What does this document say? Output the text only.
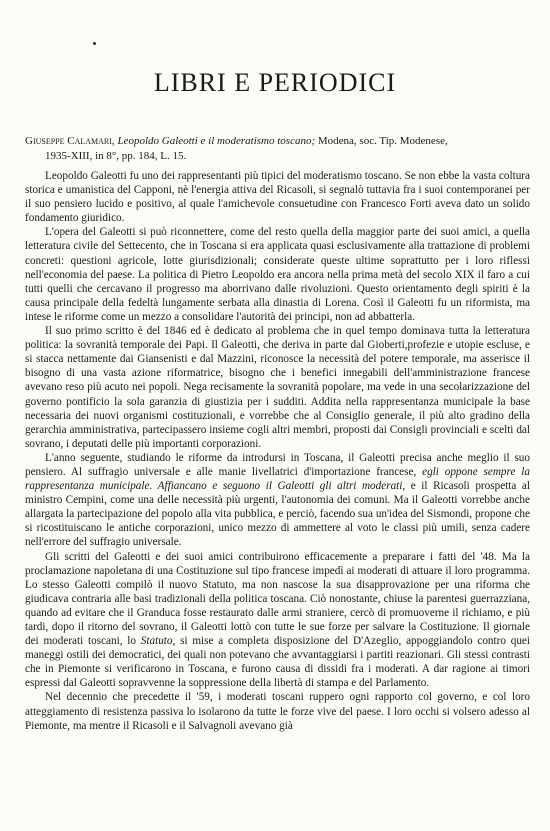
LIBRI E PERIODICI

Giuseppe Calamari, Leopoldo Galeotti e il moderatismo toscano; Modena, soc. Tip. Modenese,
1935-XIII, in 8°, pp. 184, L. 15.

Leopoldo Galeotti fu uno dei rappresentanti più tipici del moderatismo toscano. Se non ebbe la vasta coltura storica e umanistica del Capponi, nè l'energia attiva del Ricasoli, si segnalò tuttavia fra i suoi contemporanei per il suo pensiero lucido e positivo, al quale l'amichevole consuetudine con Francesco Forti aveva dato un solido fondamento giuridico.

L'opera del Galeotti si può riconnettere, come del resto quella della maggior parte dei suoi amici, a quella letteratura civile del Settecento, che in Toscana si era applicata quasi esclusivamente alla trattazione di problemi concreti: questioni agricole, lotte giurisdizionali; considerate queste ultime soprattutto per i loro riflessi nell'economia del paese. La politica di Pietro Leopoldo era ancora nella prima metà del secolo XIX il faro a cui tutti quelli che cercavano il progresso ma aborrivano dalle rivoluzioni. Questo orientamento degli spiriti è la causa principale della fedeltà lungamente serbata alla dinastia di Lorena. Così il Galeotti fu un riformista, ma intese le riforme come un mezzo a consolidare l'autorità dei principi, non ad abbatterla.

Il suo primo scritto è del 1846 ed è dedicato al problema che in quel tempo dominava tutta la letteratura politica: la sovranità temporale dei Papi. Il Galeotti, che deriva in parte dal Gioberti,profezie e utopie escluse, e si stacca nettamente dai Giansenisti e dal Mazzini, riconosce la necessità del potere temporale, ma asserisce il bisogno di una vasta azione riformatrice, bisogno che i benefici innegabili dell'amministrazione francese avevano reso più acuto nei popoli. Nega recisamente la sovranità popolare, ma vede in una secolarizzazione del governo pontificio la sola garanzia di giustizia per i sudditi. Addita nella rappresentanza municipale la base necessaria dei nuovi organismi costituzionali, e vorrebbe che al Consiglio generale, il più alto gradino della gerarchia amministrativa, partecipassero insieme cogli altri membri, proposti dai Consigli provinciali e scelti dal sovrano, i deputati delle più importanti corporazioni.

L'anno seguente, studiando le riforme da introdursi in Toscana, il Galeotti precisa anche meglio il suo pensiero. Al suffragio universale e alle manie livellatrici d'importazione francese, egli oppone sempre la rappresentanza municipale. Affiancano e seguono il Galeotti gli altri moderati, e il Ricasoli prospetta al ministro Cempini, come una delle necessità più urgenti, l'autonomia dei comuni. Ma il Galeotti vorrebbe anche allargata la partecipazione del popolo alla vita pubblica, e perciò, facendo sua un'idea del Sismondi, propone che si ricostituiscano le antiche corporazioni, unico mezzo di ammettere al voto le classi più umili, senza cadere nell'errore del suffragio universale.

Gli scritti del Galeotti e dei suoi amici contribuirono efficacemente a preparare i fatti del '48. Ma la proclamazione napoletana di una Costituzione sul tipo francese impedì ai moderati di attuare il loro programma. Lo stesso Galeotti compilò il nuovo Statuto, ma non nascose la sua disapprovazione per una riforma che giudicava contraria alle basi tradizionali della politica toscana. Ciò nonostante, chiuse la parentesi guerrazziana, quando ad evitare che il Granduca fosse restaurato dalle armi straniere, cercò di promuoverne il richiamo, e più tardi, dopo il ritorno del sovrano, il Galeotti lottò con tutte le sue forze per salvare la Costituzione. Il giornale dei moderati toscani, lo Statuto, si mise a completa disposizione del D'Azeglio, appoggiandolo contro quei maneggi ostili dei democratici, dei quali non potevano che avvantaggiarsi i partiti reazionari. Gli stessi contrasti che in Piemonte si verificarono in Toscana, e furono causa di dissidi fra i moderati. A dar ragione ai timori espressi dal Galeotti sopravvenne la soppressione della libertà di stampa e del Parlamento.

Nel decennio che precedette il '59, i moderati toscani ruppero ogni rapporto col governo, e col loro atteggiamento di resistenza passiva lo isolarono da tutte le forze vive del paese. I loro occhi si volsero adesso al Piemonte, ma mentre il Ricasoli e il Salvagnoli avevano già
